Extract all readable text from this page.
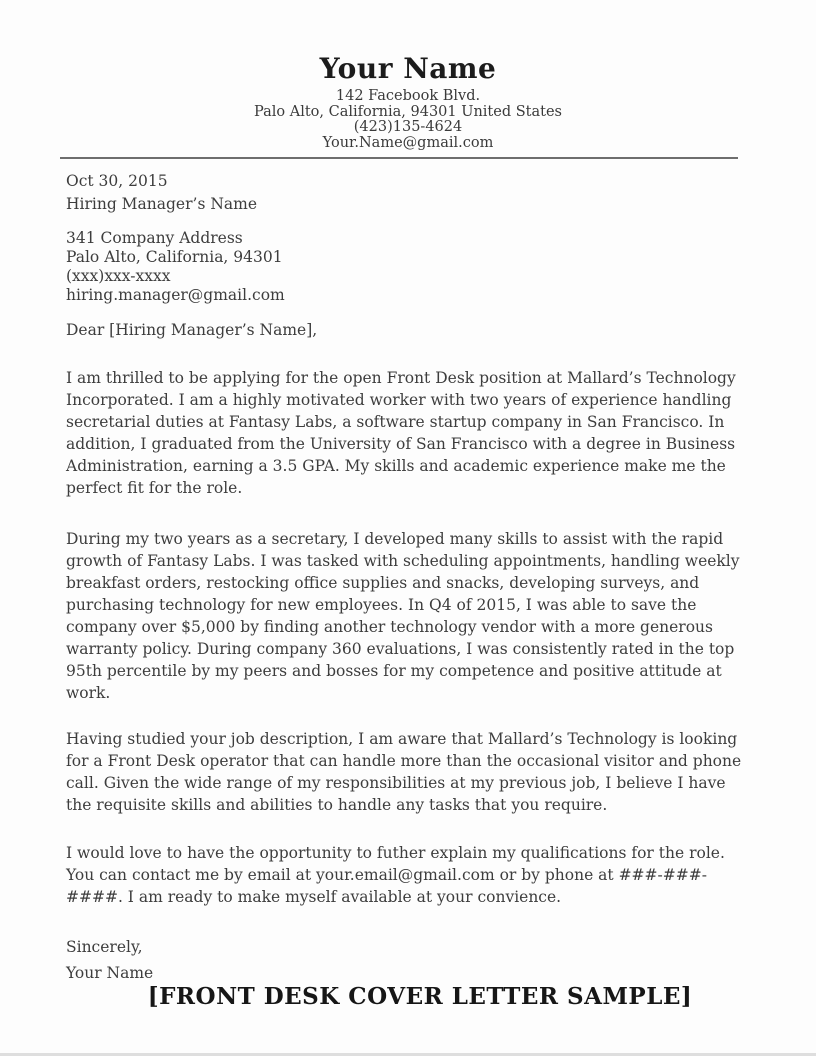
Your Name
142 Facebook Blvd.
Palo Alto, California, 94301 United States
(423)135-4624
Your.Name@gmail.com
Oct 30, 2015
Hiring Manager’s Name
341 Company Address
Palo Alto, California, 94301
(xxx)xxx-xxxx
hiring.manager@gmail.com

Dear [Hiring Manager’s Name],

I am thrilled to be applying for the open Front Desk position at Mallard’s Technology Incorporated. I am a highly motivated worker with two years of experience handling secretarial duties at Fantasy Labs, a software startup company in San Francisco. In addition, I graduated from the University of San Francisco with a degree in Business Administration, earning a 3.5 GPA. My skills and academic experience make me the perfect fit for the role.

During my two years as a secretary, I developed many skills to assist with the rapid growth of Fantasy Labs. I was tasked with scheduling appointments, handling weekly breakfast orders, restocking office supplies and snacks, developing surveys, and purchasing technology for new employees. In Q4 of 2015, I was able to save the company over $5,000 by finding another technology vendor with a more generous warranty policy. During company 360 evaluations, I was consistently rated in the top 95th percentile by my peers and bosses for my competence and positive attitude at work.

Having studied your job description, I am aware that Mallard’s Technology is looking for a Front Desk operator that can handle more than the occasional visitor and phone call. Given the wide range of my responsibilities at my previous job, I believe I have the requisite skills and abilities to handle any tasks that you require.

I would love to have the opportunity to futher explain my qualifications for the role. You can contact me by email at your.email@gmail.com or by phone at ###-###-####. I am ready to make myself available at your convience.

Sincerely,

Your Name

[FRONT DESK COVER LETTER SAMPLE]
